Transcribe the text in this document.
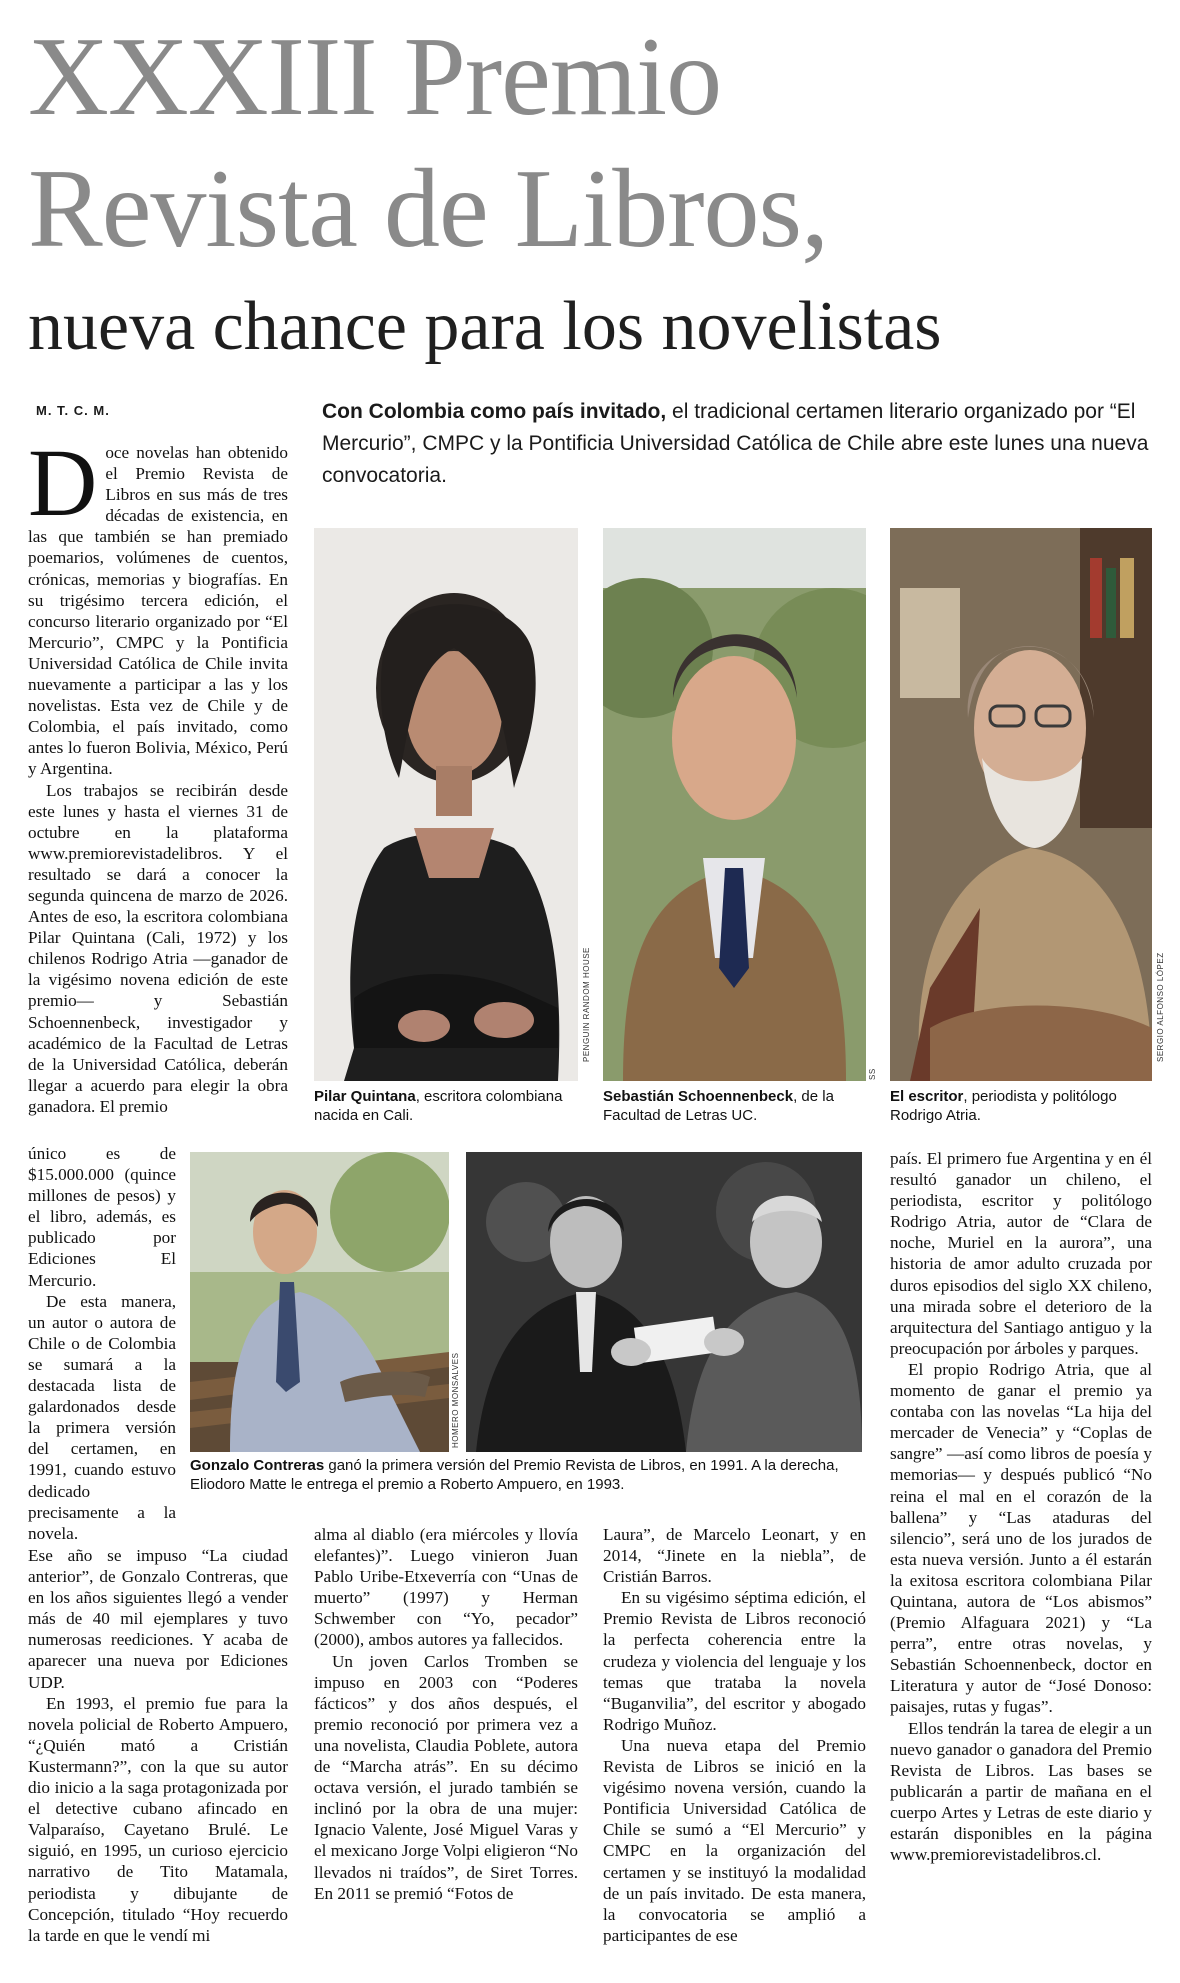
XXXIII Premio
Revista de Libros,
nueva chance para los novelistas
M. T. C. M.	Con Colombia como país invitado, el tradicional certamen literario organizado por “El Mercurio”, CMPC y la Pontificia Universidad Católica de Chile abre este lunes una nueva convocatoria.
PENGUIN RANDOM HOUSE
Pilar Quintana, escritora colombiana nacida en Cali.
SS
Sebastián Schoennenbeck, de la Facultad de Letras UC.
SERGIO ALFONSO LÓPEZ
El escritor, periodista y politólogo Rodrigo Atria.
HOMERO MONSALVES
Gonzalo Contreras ganó la primera versión del Premio Revista de Libros, en 1991. A la derecha, Eliodoro Matte le entrega el premio a Roberto Ampuero, en 1993.

Doce novelas han obtenido el Premio Revista de Libros en sus más de tres décadas de existencia, en las que también se han premiado poemarios, volúmenes de cuentos, crónicas, memorias y biografías. En su trigésimo tercera edición, el concurso literario organizado por “El Mercurio”, CMPC y la Pontificia Universidad Católica de Chile invita nuevamente a participar a las y los novelistas. Esta vez de Chile y de Colombia, el país invitado, como antes lo fueron Bolivia, México, Perú y Argentina.

Los trabajos se recibirán desde este lunes y hasta el viernes 31 de octubre en la plataforma www.premiorevistadelibros. Y el resultado se dará a conocer la segunda quincena de marzo de 2026. Antes de eso, la escritora colombiana Pilar Quintana (Cali, 1972) y los chilenos Rodrigo Atria —ganador de la vigésimo novena edición de este premio— y Sebastián Schoennenbeck, investigador y académico de la Facultad de Letras de la Universidad Católica, deberán llegar a acuerdo para elegir la obra ganadora. El premio

único es de $15.000.000 (quince millones de pesos) y el libro, además, es publicado por Ediciones El Mercurio.

De esta manera, un autor o autora de Chile o de Colombia se sumará a la destacada lista de galardonados desde la primera versión del certamen, en 1991, cuando estuvo dedicado precisamente a la novela.

Ese año se impuso “La ciudad anterior”, de Gonzalo Contreras, que en los años siguientes llegó a vender más de 40 mil ejemplares y tuvo numerosas reediciones. Y acaba de aparecer una nueva por Ediciones UDP.

En 1993, el premio fue para la novela policial de Roberto Ampuero, “¿Quién mató a Cristián Kustermann?”, con la que su autor dio inicio a la saga protagonizada por el detective cubano afincado en Valparaíso, Cayetano Brulé. Le siguió, en 1995, un curioso ejercicio narrativo de Tito Matamala, periodista y dibujante de Concepción, titulado “Hoy recuerdo la tarde en que le vendí mi

alma al diablo (era miércoles y llovía elefantes)”. Luego vinieron Juan Pablo Uribe-Etxeverría con “Unas de muerto” (1997) y Herman Schwember con “Yo, pecador” (2000), ambos autores ya fallecidos.

Un joven Carlos Tromben se impuso en 2003 con “Poderes fácticos” y dos años después, el premio reconoció por primera vez a una novelista, Claudia Poblete, autora de “Marcha atrás”. En su décimo octava versión, el jurado también se inclinó por la obra de una mujer: Ignacio Valente, José Miguel Varas y el mexicano Jorge Volpi eligieron “No llevados ni traídos”, de Siret Torres. En 2011 se premió “Fotos de

Laura”, de Marcelo Leonart, y en 2014, “Jinete en la niebla”, de Cristián Barros.

En su vigésimo séptima edición, el Premio Revista de Libros reconoció la perfecta coherencia entre la crudeza y violencia del lenguaje y los temas que trataba la novela “Buganvilia”, del escritor y abogado Rodrigo Muñoz.

Una nueva etapa del Premio Revista de Libros se inició en la vigésimo novena versión, cuando la Pontificia Universidad Católica de Chile se sumó a “El Mercurio” y CMPC en la organización del certamen y se instituyó la modalidad de un país invitado. De esta manera, la convocatoria se amplió a participantes de ese

país. El primero fue Argentina y en él resultó ganador un chileno, el periodista, escritor y politólogo Rodrigo Atria, autor de “Clara de noche, Muriel en la aurora”, una historia de amor adulto cruzada por duros episodios del siglo XX chileno, una mirada sobre el deterioro de la arquitectura del Santiago antiguo y la preocupación por árboles y parques.

El propio Rodrigo Atria, que al momento de ganar el premio ya contaba con las novelas “La hija del mercader de Venecia” y “Coplas de sangre” —así como libros de poesía y memorias— y después publicó “No reina el mal en el corazón de la ballena” y “Las ataduras del silencio”, será uno de los jurados de esta nueva versión. Junto a él estarán la exitosa escritora colombiana Pilar Quintana, autora de “Los abismos” (Premio Alfaguara 2021) y “La perra”, entre otras novelas, y Sebastián Schoennenbeck, doctor en Literatura y autor de “José Donoso: paisajes, rutas y fugas”.

Ellos tendrán la tarea de elegir a un nuevo ganador o ganadora del Premio Revista de Libros. Las bases se publicarán a partir de mañana en el cuerpo Artes y Letras de este diario y estarán disponibles en la página www.premiorevistadelibros.cl.
